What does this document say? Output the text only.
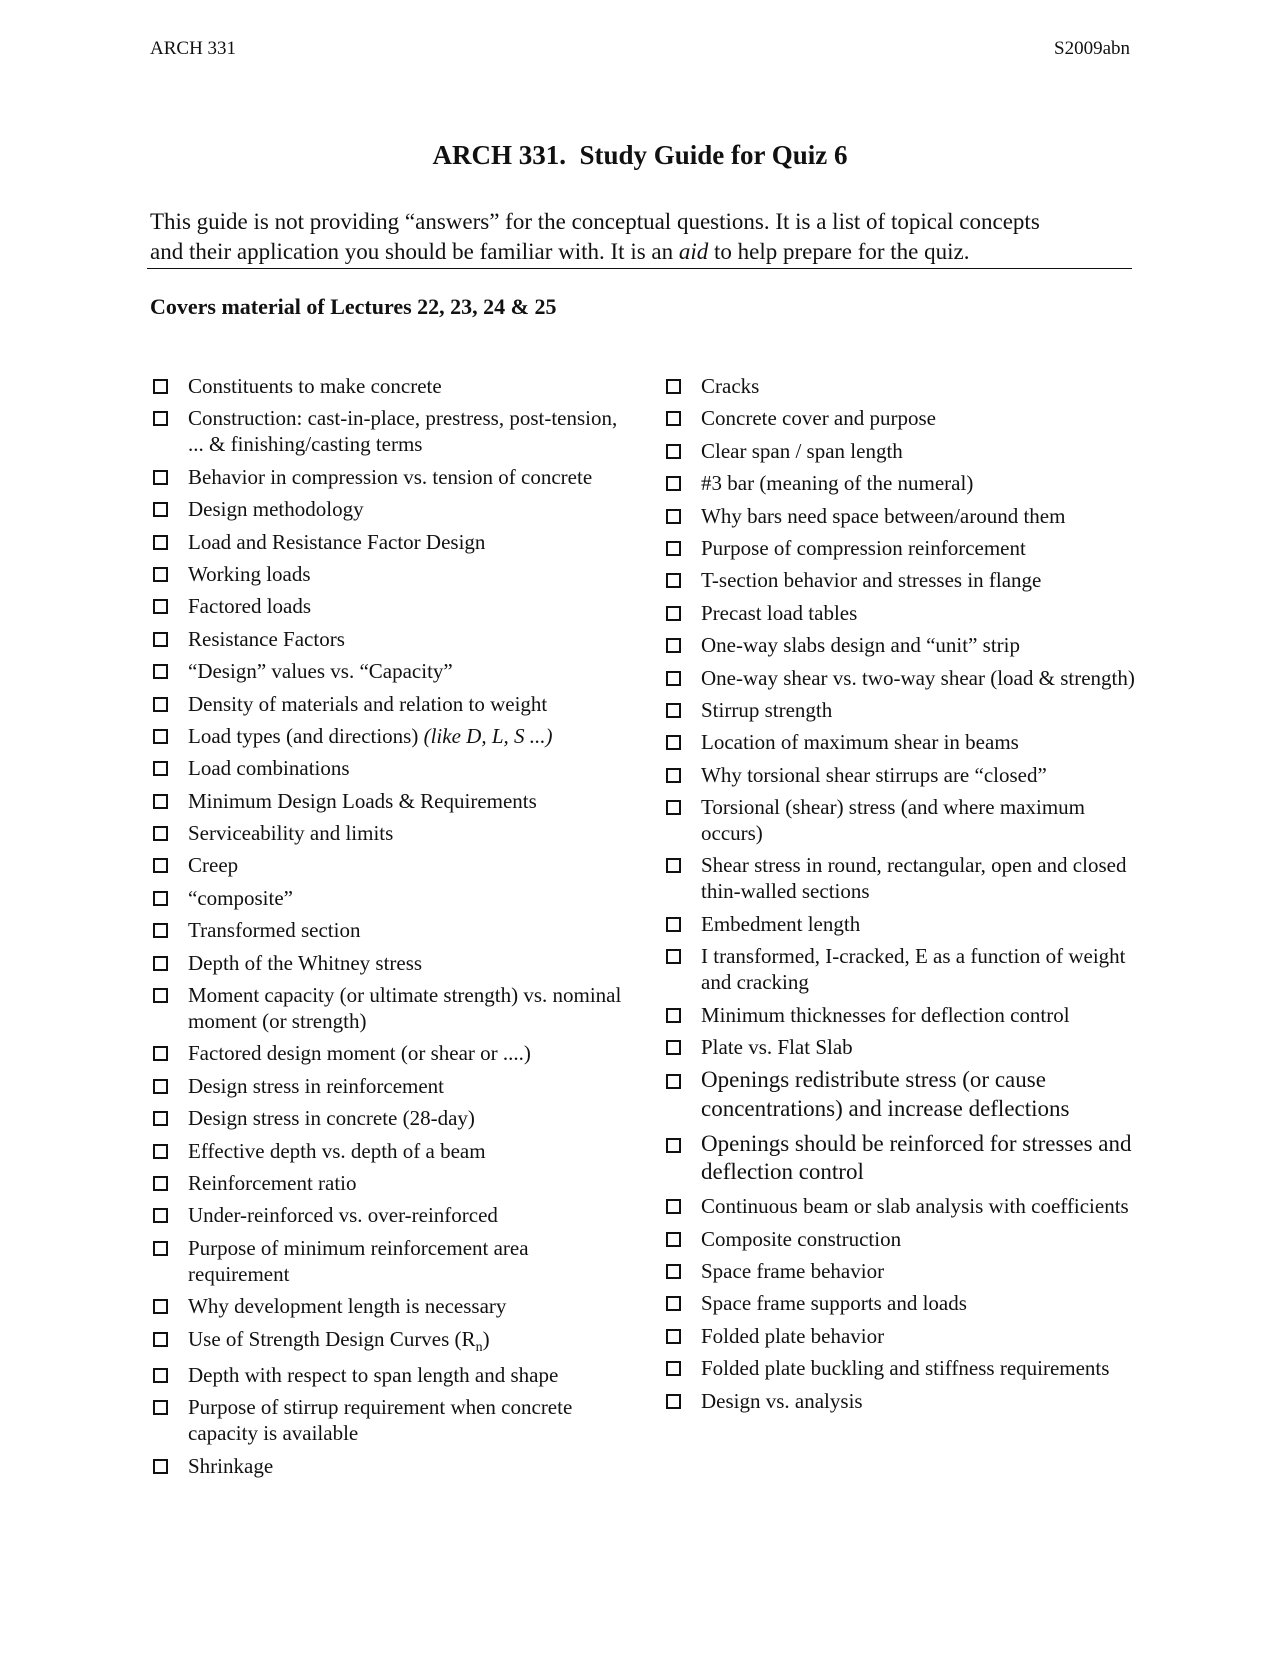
ARCH 331	S2009abn
ARCH 331.  Study Guide for Quiz 6

This guide is not providing “answers” for the conceptual questions. It is a list of topical concepts

and their application you should be familiar with. It is an aid to help prepare for the quiz.

Covers material of Lectures 22, 23, 24 & 25
Constituents to make concrete
Construction: cast-in-place, prestress, post-tension, ... & finishing/casting terms
Behavior in compression vs. tension of concrete
Design methodology
Load and Resistance Factor Design
Working loads
Factored loads
Resistance Factors
“Design” values vs. “Capacity”
Density of materials and relation to weight
Load types (and directions) (like D, L, S ...)
Load combinations
Minimum Design Loads & Requirements
Serviceability and limits
Creep
“composite”
Transformed section
Depth of the Whitney stress
Moment capacity (or ultimate strength) vs. nominal moment (or strength)
Factored design moment (or shear or ....)
Design stress in reinforcement
Design stress in concrete (28-day)
Effective depth vs. depth of a beam
Reinforcement ratio
Under-reinforced vs. over-reinforced
Purpose of minimum reinforcement area requirement
Why development length is necessary
Use of Strength Design Curves $(R_n)$
Depth with respect to span length and shape
Purpose of stirrup requirement when concrete capacity is available
Shrinkage
Cracks
Concrete cover and purpose
Clear span / span length
#3 bar (meaning of the numeral)
Why bars need space between/around them
Purpose of compression reinforcement
T-section behavior and stresses in flange
Precast load tables
One-way slabs design and “unit” strip
One-way shear vs. two-way shear (load & strength)
Stirrup strength
Location of maximum shear in beams
Why torsional shear stirrups are “closed”
Torsional (shear) stress (and where maximum occurs)
Shear stress in round, rectangular, open and closed thin-walled sections
Embedment length
I transformed, I-cracked, E as a function of weight and cracking
Minimum thicknesses for deflection control
Plate vs. Flat Slab
Openings redistribute stress (or cause concentrations) and increase deflections
Openings should be reinforced for stresses and deflection control
Continuous beam or slab analysis with coefficients
Composite construction
Space frame behavior
Space frame supports and loads
Folded plate behavior
Folded plate buckling and stiffness requirements
Design vs. analysis
